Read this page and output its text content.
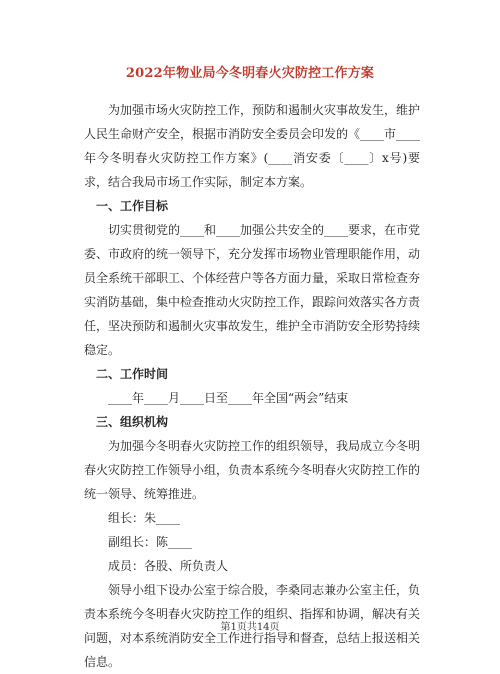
2022年物业局今冬明春火灾防控工作方案

为加强市场火灾防控工作，预防和遏制火灾事故发生，维护人民生命财产安全，根据市消防安全委员会印发的《____市____年今冬明春火灾防控工作方案》(____消安委〔____〕x号)要求，结合我局市场工作实际，制定本方案。

一、工作目标

切实贯彻党的____和____加强公共安全的____要求，在市党委、市政府的统一领导下，充分发挥市场物业管理职能作用，动员全系统干部职工、个体经营户等各方面力量，采取日常检查夯实消防基础，集中检查推动火灾防控工作，跟踪问效落实各方责任，坚决预防和遏制火灾事故发生，维护全市消防安全形势持续稳定。

二、工作时间

____年____月____日至____年全国“两会”结束

三、组织机构

为加强今冬明春火灾防控工作的组织领导，我局成立今冬明春火灾防控工作领导小组，负责本系统今冬明春火灾防控工作的统一领导、统筹推进。

组长：朱____

副组长：陈____

成员：各股、所负责人

领导小组下设办公室于综合股，李桑同志兼办公室主任，负责本系统今冬明春火灾防控工作的组织、指挥和协调，解决有关问题，对本系统消防安全工作进行指导和督查，总结上报送相关信息。

第1页共14页
